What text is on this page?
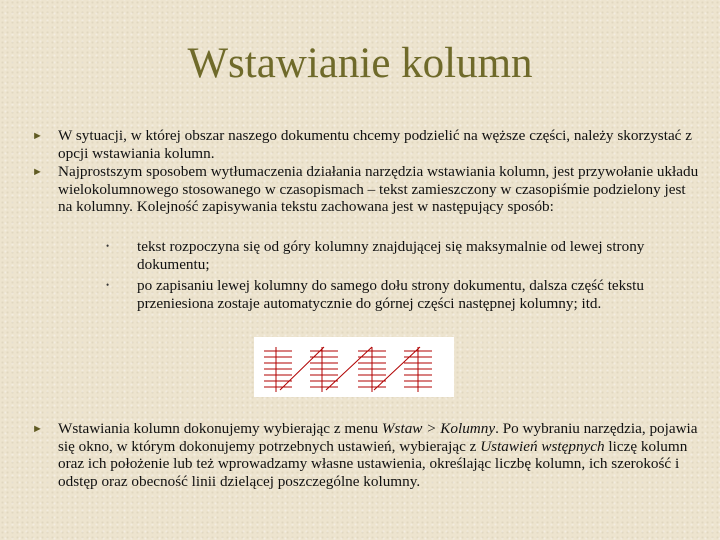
Wstawianie kolumn
► W sytuacji, w której obszar naszego dokumentu chcemy podzielić na węższe części, należy skorzystać z opcji wstawiania kolumn.
► Najprostszym sposobem wytłumaczenia działania narzędzia wstawiania kolumn, jest przywołanie układu wielokolumnowego stosowanego w czasopismach – tekst zamieszczony w czasopiśmie podzielony jest na kolumny. Kolejność zapisywania tekstu zachowana jest w następujący sposób:
• tekst rozpoczyna się od góry kolumny znajdującej się maksymalnie od lewej strony dokumentu;
• po zapisaniu lewej kolumny do samego dołu strony dokumentu, dalsza część tekstu przeniesiona zostaje automatycznie do górnej części następnej kolumny; itd.
► Wstawiania kolumn dokonujemy wybierając z menu Wstaw > Kolumny. Po wybraniu narzędzia, pojawia się okno, w którym dokonujemy potrzebnych ustawień, wybierając z Ustawień wstępnych liczę kolumn oraz ich położenie lub też wprowadzamy własne ustawienia, określając liczbę kolumn, ich szerokość i odstęp oraz obecność linii dzielącej poszczególne kolumny.
